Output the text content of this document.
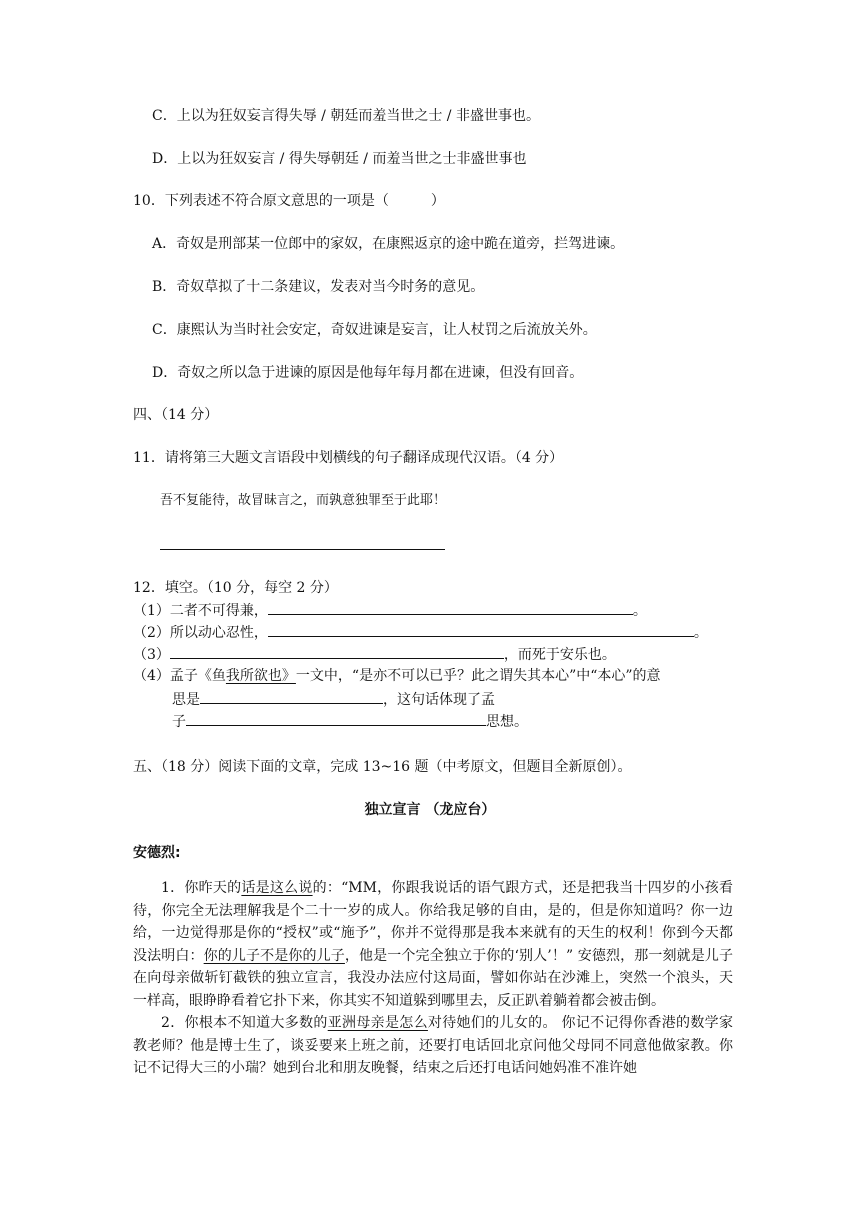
C．上以为狂奴妄言得失辱 / 朝廷而羞当世之士 / 非盛世事也。
D．上以为狂奴妄言 / 得失辱朝廷 / 而羞当世之士非盛世事也
10．下列表述不符合原文意思的一项是（　　　）
A．奇奴是刑部某一位郎中的家奴，在康熙返京的途中跪在道旁，拦驾进谏。
B．奇奴草拟了十二条建议，发表对当今时务的意见。
C．康熙认为当时社会安定，奇奴进谏是妄言，让人杖罚之后流放关外。
D．奇奴之所以急于进谏的原因是他每年每月都在进谏，但没有回音。
四、（14 分）
11．请将第三大题文言语段中划横线的句子翻译成现代汉语。（4 分）
吾不复能待，故冒昧言之，而孰意独罪至于此耶！
12．填空。（10 分，每空 2 分）
（1）二者不可得兼，	。
（2）所以动心忍性，	。
（3）	，而死于安乐也。
（4）孟子《鱼我所欲也》一文中，“是亦不可以已乎？此之谓失其本心”中“本心”的意
思是	，这句话体现了孟
子	思想。
五、（18 分）阅读下面的文章，完成 13~16 题（中考原文，但题目全新原创）。
独立宣言 （龙应台）
安德烈:

1．你昨天的话是这么说的：“MM，你跟我说话的语气跟方式，还是把我当十四岁的小孩看待，你完全无法理解我是个二十一岁的成人。你给我足够的自由，是的，但是你知道吗？你一边给，一边觉得那是你的“授权”或“施予”，你并不觉得那是我本来就有的天生的权利！你到今天都没法明白：你的儿子不是你的儿子，他是一个完全独立于你的‘别人’！” 安德烈，那一刻就是儿子在向母亲做斩钉截铁的独立宣言，我没办法应付这局面，譬如你站在沙滩上，突然一个浪头，天一样高，眼睁睁看着它扑下来，你其实不知道躲到哪里去，反正趴着躺着都会被击倒。

2．你根本不知道大多数的亚洲母亲是怎么对待她们的儿女的。 你记不记得你香港的数学家教老师？他是博士生了，谈妥要来上班之前，还要打电话回北京问他父母同不同意他做家教。你记不记得大三的小瑞？她到台北和朋友晚餐，结束之后还打电话问她妈准不准许她
